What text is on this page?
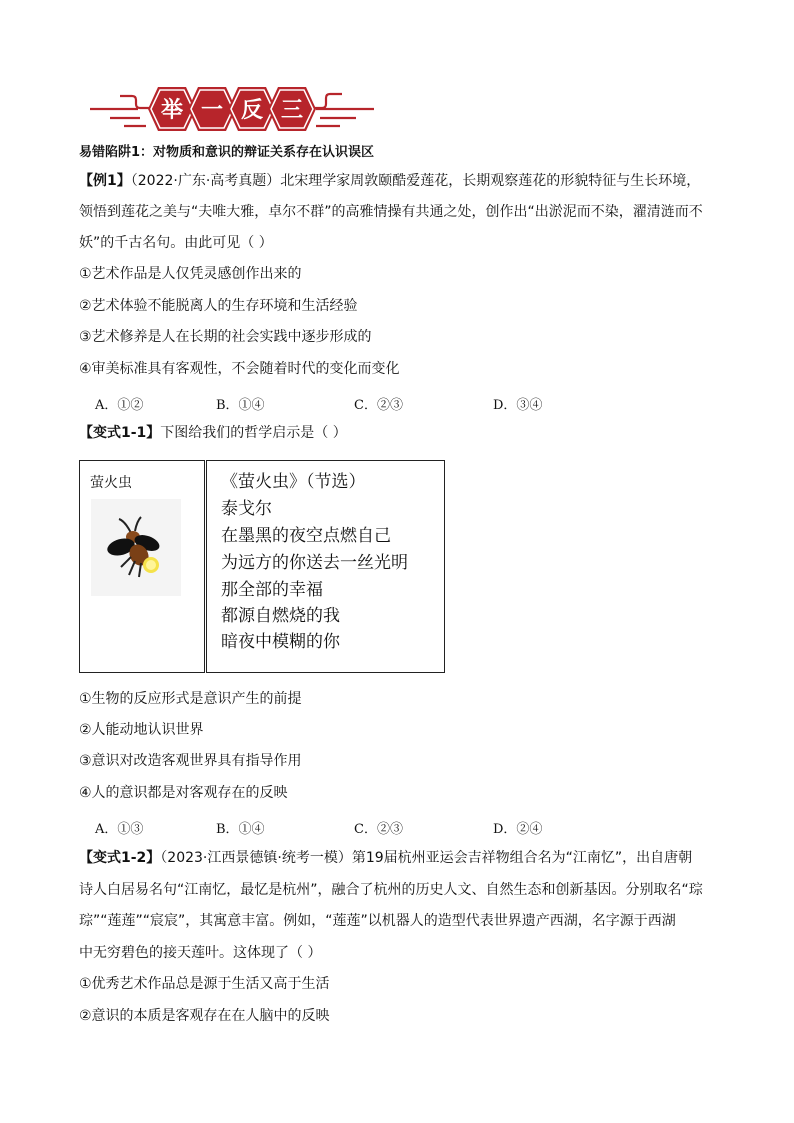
举 一 反 三
易错陷阱1：对物质和意识的辩证关系存在认识误区
【例1】（2022·广东·高考真题）北宋理学家周敦颐酷爱莲花，长期观察莲花的形貌特征与生长环境，
领悟到莲花之美与“夫唯大雅，卓尔不群”的高雅情操有共通之处，创作出“出淤泥而不染，濯清涟而不
妖”的千古名句。由此可见（ ）
①艺术作品是人仅凭灵感创作出来的
②艺术体验不能脱离人的生存环境和生活经验
③艺术修养是人在长期的社会实践中逐步形成的
④审美标准具有客观性，不会随着时代的变化而变化
A．①②	B．①④	C．②③	D．③④
【变式1-1】下图给我们的哲学启示是（ ）
萤火虫	《萤火虫》（节选）
泰戈尔
在墨黑的夜空点燃自己
为远方的你送去一丝光明
那全部的幸福
都源自燃烧的我
暗夜中模糊的你
①生物的反应形式是意识产生的前提
②人能动地认识世界
③意识对改造客观世界具有指导作用
④人的意识都是对客观存在的反映
A．①③	B．①④	C．②③	D．②④
【变式1-2】（2023·江西景德镇·统考一模）第19届杭州亚运会吉祥物组合名为“江南忆”，出自唐朝
诗人白居易名句“江南忆，最忆是杭州”，融合了杭州的历史人文、自然生态和创新基因。分别取名“琮
琮”“莲莲”“宸宸”，其寓意丰富。例如，“莲莲”以机器人的造型代表世界遗产西湖，名字源于西湖
中无穷碧色的接天莲叶。这体现了（ ）
①优秀艺术作品总是源于生活又高于生活
②意识的本质是客观存在在人脑中的反映
